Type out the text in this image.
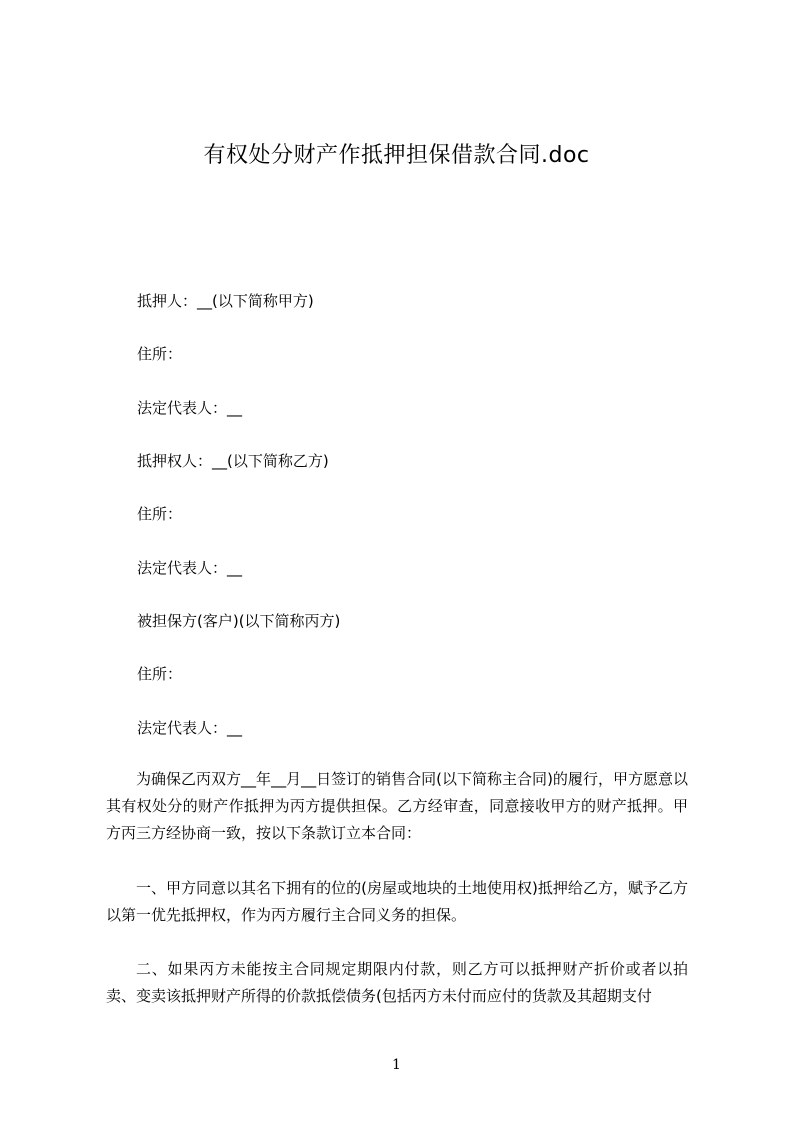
有权处分财产作抵押担保借款合同.doc
抵押人：__(以下简称甲方)
住所：
法定代表人：__
抵押权人：__(以下简称乙方)
住所：
法定代表人：__
被担保方(客户)(以下简称丙方)
住所：
法定代表人：__
为确保乙丙双方__年__月__日签订的销售合同(以下简称主合同)的履行，甲方愿意以其有权处分的财产作抵押为丙方提供担保。乙方经审查，同意接收甲方的财产抵押。甲方丙三方经协商一致，按以下条款订立本合同：
一、甲方同意以其名下拥有的位的(房屋或地块的土地使用权)抵押给乙方，赋予乙方以第一优先抵押权，作为丙方履行主合同义务的担保。
二、如果丙方未能按主合同规定期限内付款，则乙方可以抵押财产折价或者以拍卖、变卖该抵押财产所得的价款抵偿债务(包括丙方未付而应付的货款及其超期支付
1
